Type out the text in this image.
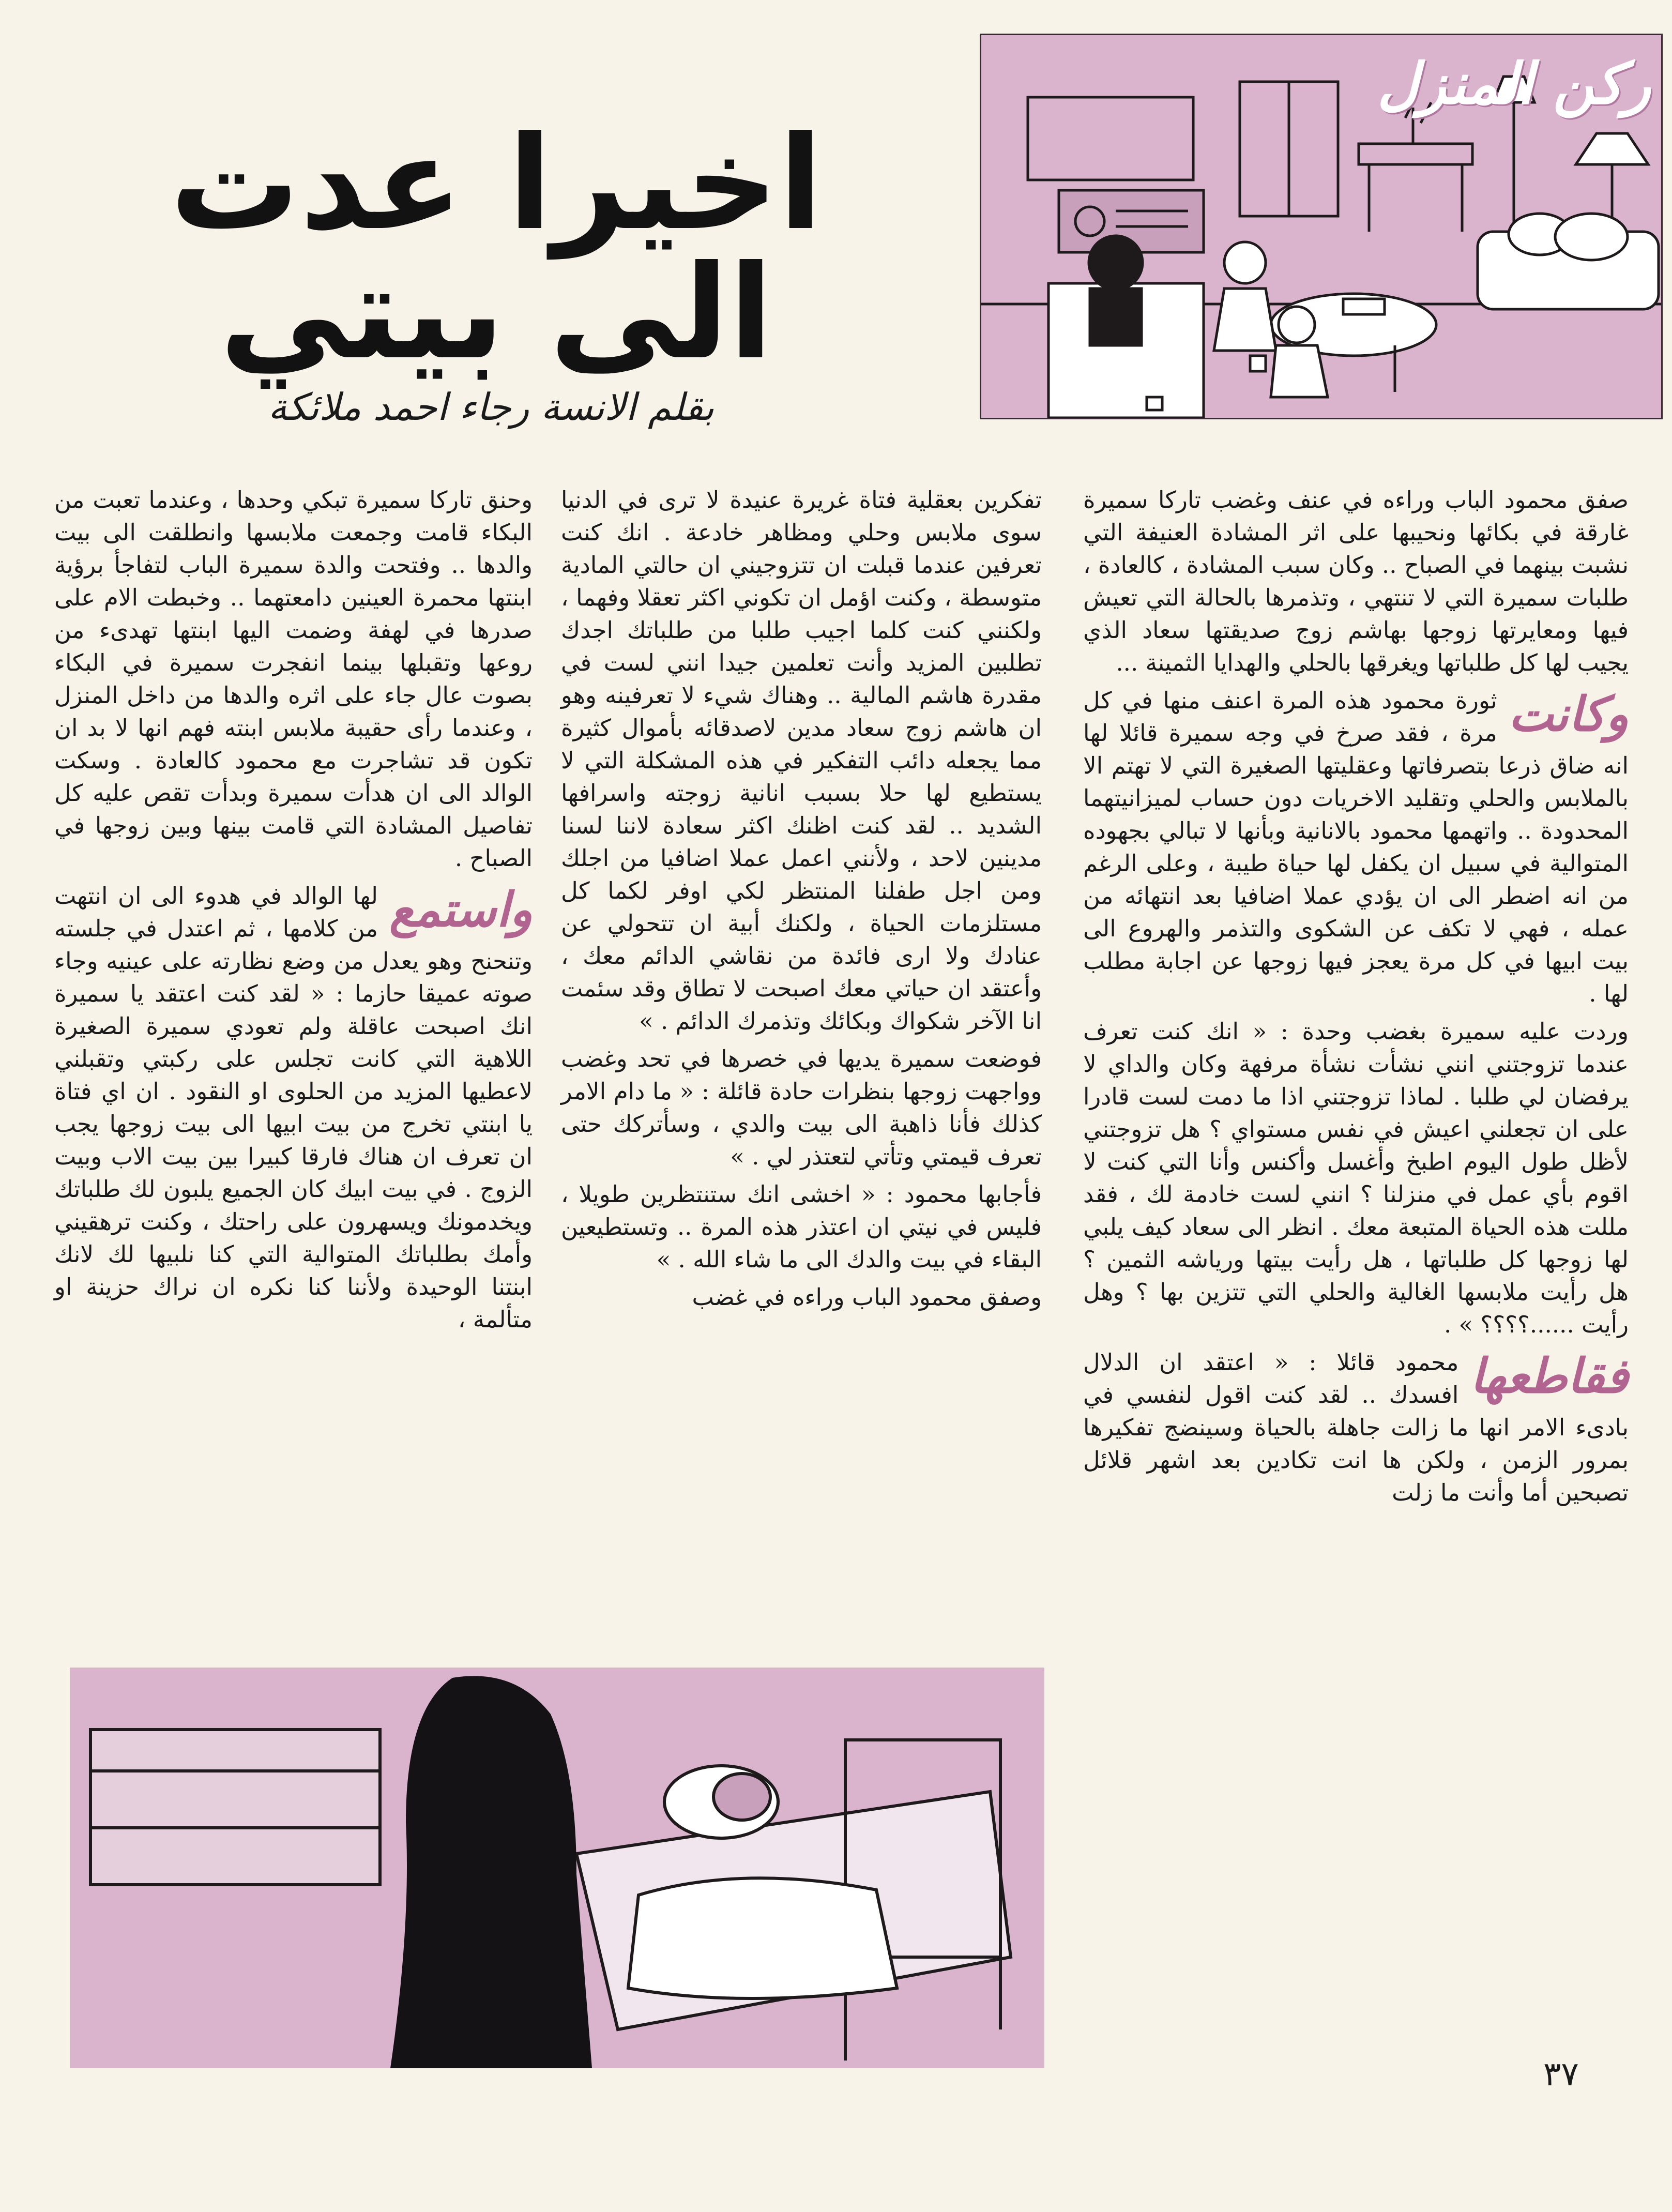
ركن المنزل
اخيرا عدت الى بيتي
بقلم الانسة رجاء احمد ملائكة

صفق محمود الباب وراءه في عنف وغضب تاركا سميرة غارقة في بكائها ونحيبها على اثر المشادة العنيفة التي نشبت بينهما في الصباح .. وكان سبب المشادة ، كالعادة ، طلبات سميرة التي لا تنتهي ، وتذمرها بالحالة التي تعيش فيها ومعايرتها زوجها بهاشم زوج صديقتها سعاد الذي يجيب لها كل طلباتها ويغرقها بالحلي والهدايا الثمينة ...

وكانت
ثورة محمود هذه المرة اعنف منها في كل مرة ، فقد صرخ في وجه سميرة قائلا لها انه ضاق ذرعا بتصرفاتها وعقليتها الصغيرة التي لا تهتم الا بالملابس والحلي وتقليد الاخريات دون حساب لميزانيتهما المحدودة .. واتهمها محمود بالانانية وبأنها لا تبالي بجهوده المتوالية في سبيل ان يكفل لها حياة طيبة ، وعلى الرغم من انه اضطر الى ان يؤدي عملا اضافيا بعد انتهائه من عمله ، فهي لا تكف عن الشكوى والتذمر والهروع الى بيت ابيها في كل مرة يعجز فيها زوجها عن اجابة مطلب لها .

وردت عليه سميرة بغضب وحدة : « انك كنت تعرف عندما تزوجتني انني نشأت نشأة مرفهة وكان والداي لا يرفضان لي طلبا . لماذا تزوجتني اذا ما دمت لست قادرا على ان تجعلني اعيش في نفس مستواي ؟ هل تزوجتني لأظل طول اليوم اطبخ وأغسل وأكنس وأنا التي كنت لا اقوم بأي عمل في منزلنا ؟ انني لست خادمة لك ، فقد مللت هذه الحياة المتبعة معك . انظر الى سعاد كيف يلبي لها زوجها كل طلباتها ، هل رأيت بيتها ورياشه الثمين ؟ هل رأيت ملابسها الغالية والحلي التي تتزين بها ؟ وهل رأيت ......؟؟؟؟ » .

فقاطعها
محمود قائلا : « اعتقد ان الدلال افسدك .. لقد كنت اقول لنفسي في بادىء الامر انها ما زالت جاهلة بالحياة وسينضج تفكيرها بمرور الزمن ، ولكن ها انت تكادين بعد اشهر قلائل تصبحين أما وأنت ما زلت

تفكرين بعقلية فتاة غريرة عنيدة لا ترى في الدنيا سوى ملابس وحلي ومظاهر خادعة . انك كنت تعرفين عندما قبلت ان تتزوجيني ان حالتي المادية متوسطة ، وكنت اؤمل ان تكوني اكثر تعقلا وفهما ، ولكنني كنت كلما اجيب طلبا من طلباتك اجدك تطلبين المزيد وأنت تعلمين جيدا انني لست في مقدرة هاشم المالية .. وهناك شيء لا تعرفينه وهو ان هاشم زوج سعاد مدين لاصدقائه بأموال كثيرة مما يجعله دائب التفكير في هذه المشكلة التي لا يستطيع لها حلا بسبب انانية زوجته واسرافها الشديد .. لقد كنت اظنك اكثر سعادة لاننا لسنا مدينين لاحد ، ولأنني اعمل عملا اضافيا من اجلك ومن اجل طفلنا المنتظر لكي اوفر لكما كل مستلزمات الحياة ، ولكنك أبية ان تتحولي عن عنادك ولا ارى فائدة من نقاشي الدائم معك ، وأعتقد ان حياتي معك اصبحت لا تطاق وقد سئمت انا الآخر شكواك وبكائك وتذمرك الدائم . »

فوضعت سميرة يديها في خصرها في تحد وغضب وواجهت زوجها بنظرات حادة قائلة : « ما دام الامر كذلك فأنا ذاهبة الى بيت والدي ، وسأتركك حتى تعرف قيمتي وتأتي لتعتذر لي . »

فأجابها محمود : « اخشى انك ستنتظرين طويلا ، فليس في نيتي ان اعتذر هذه المرة .. وتستطيعين البقاء في بيت والدك الى ما شاء الله . »

وصفق محمود الباب وراءه في غضب

وحنق تاركا سميرة تبكي وحدها ، وعندما تعبت من البكاء قامت وجمعت ملابسها وانطلقت الى بيت والدها .. وفتحت والدة سميرة الباب لتفاجأ برؤية ابنتها محمرة العينين دامعتهما .. وخبطت الام على صدرها في لهفة وضمت اليها ابنتها تهدىء من روعها وتقبلها بينما انفجرت سميرة في البكاء بصوت عال جاء على اثره والدها من داخل المنزل ، وعندما رأى حقيبة ملابس ابنته فهم انها لا بد ان تكون قد تشاجرت مع محمود كالعادة . وسكت الوالد الى ان هدأت سميرة وبدأت تقص عليه كل تفاصيل المشادة التي قامت بينها وبين زوجها في الصباح .

واستمع
لها الوالد في هدوء الى ان انتهت من كلامها ، ثم اعتدل في جلسته وتنحنح وهو يعدل من وضع نظارته على عينيه وجاء صوته عميقا حازما : « لقد كنت اعتقد يا سميرة انك اصبحت عاقلة ولم تعودي سميرة الصغيرة اللاهية التي كانت تجلس على ركبتي وتقبلني لاعطيها المزيد من الحلوى او النقود . ان اي فتاة يا ابنتي تخرج من بيت ابيها الى بيت زوجها يجب ان تعرف ان هناك فارقا كبيرا بين بيت الاب وبيت الزوج . في بيت ابيك كان الجميع يلبون لك طلباتك ويخدمونك ويسهرون على راحتك ، وكنت ترهقيني وأمك بطلباتك المتوالية التي كنا نلبيها لك لانك ابنتنا الوحيدة ولأننا كنا نكره ان نراك حزينة او متألمة ،

٣٧
